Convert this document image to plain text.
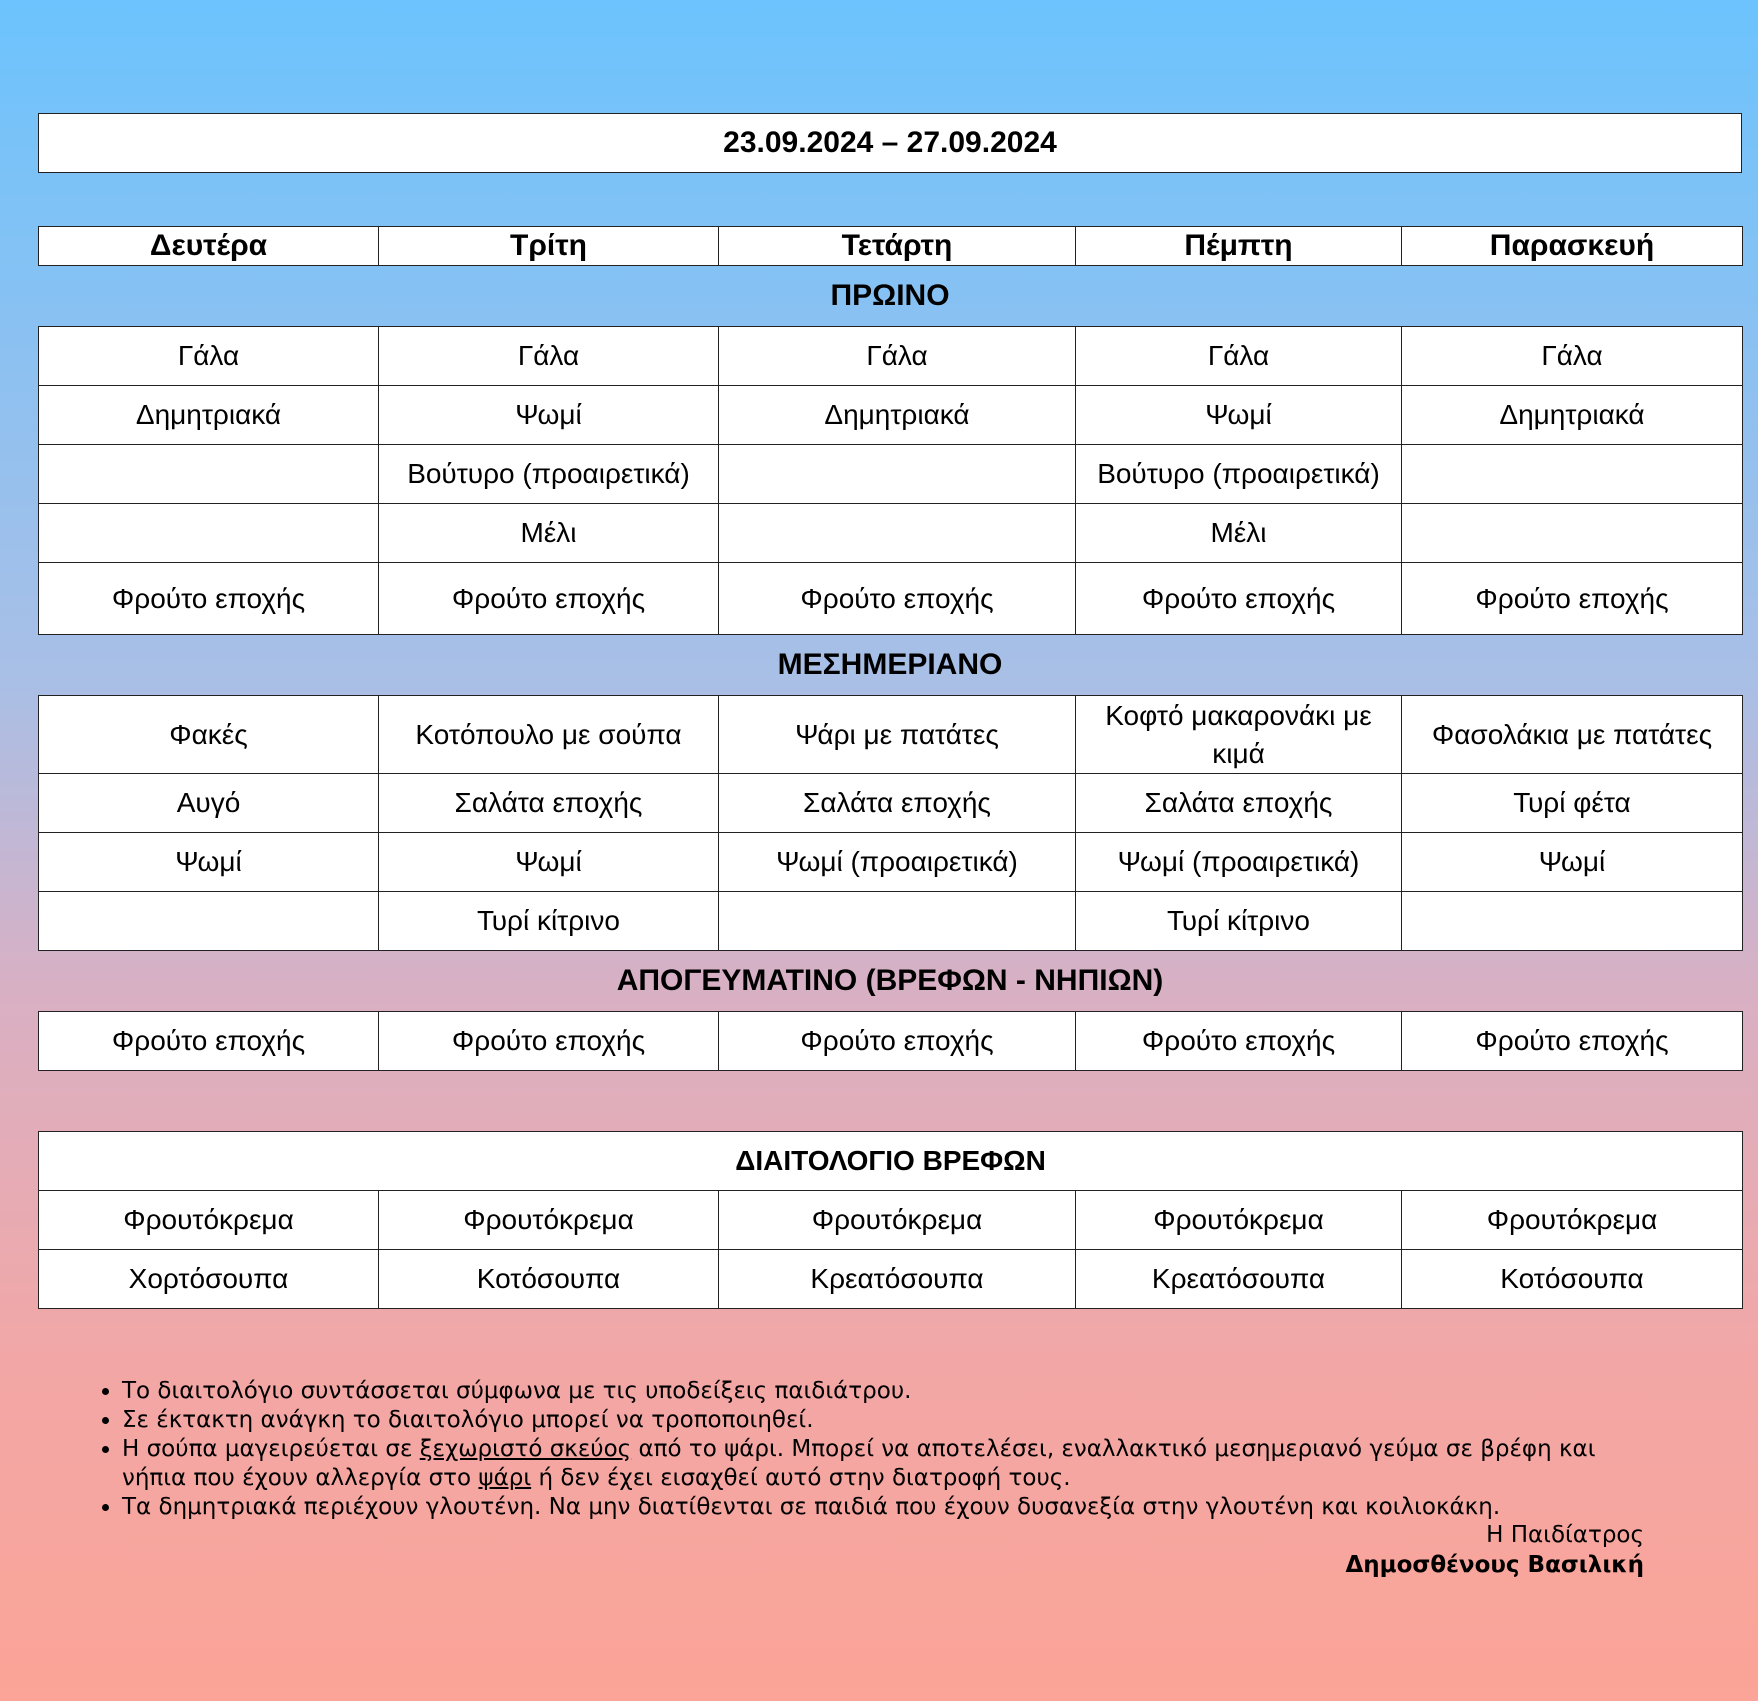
23.09.2024 – 27.09.2024
Δευτέρα	Τρίτη	Τετάρτη	Πέμπτη	Παρασκευή
ΠΡΩΙΝΟ
Γάλα	Γάλα	Γάλα	Γάλα	Γάλα
Δημητριακά	Ψωμί	Δημητριακά	Ψωμί	Δημητριακά
	Βούτυρο (προαιρετικά)		Βούτυρο (προαιρετικά)	
	Μέλι		Μέλι	
Φρούτο εποχής	Φρούτο εποχής	Φρούτο εποχής	Φρούτο εποχής	Φρούτο εποχής
ΜΕΣΗΜΕΡΙΑΝΟ
Φακές	Κοτόπουλο με σούπα	Ψάρι με πατάτες	Κοφτό μακαρονάκι με κιμά	Φασολάκια με πατάτες
Αυγό	Σαλάτα εποχής	Σαλάτα εποχής	Σαλάτα εποχής	Τυρί φέτα
Ψωμί	Ψωμί	Ψωμί (προαιρετικά)	Ψωμί (προαιρετικά)	Ψωμί
	Τυρί κίτρινο		Τυρί κίτρινο	
ΑΠΟΓΕΥΜΑΤΙΝΟ (ΒΡΕΦΩΝ - ΝΗΠΙΩΝ)
Φρούτο εποχής	Φρούτο εποχής	Φρούτο εποχής	Φρούτο εποχής	Φρούτο εποχής
ΔΙΑΙΤΟΛΟΓΙΟ ΒΡΕΦΩΝ				
Φρουτόκρεμα	Φρουτόκρεμα	Φρουτόκρεμα	Φρουτόκρεμα	Φρουτόκρεμα
Χορτόσουπα	Κοτόσουπα	Κρεατόσουπα	Κρεατόσουπα	Κοτόσουπα
• Το διαιτολόγιο συντάσσεται σύμφωνα με τις υποδείξεις παιδιάτρου.
• Σε έκτακτη ανάγκη το διαιτολόγιο μπορεί να τροποποιηθεί.
• Η σούπα μαγειρεύεται σε ξεχωριστό σκεύος από το ψάρι. Μπορεί να αποτελέσει, εναλλακτικό μεσημεριανό γεύμα σε βρέφη και νήπια που έχουν αλλεργία στο ψάρι ή δεν έχει εισαχθεί αυτό στην διατροφή τους.
• Τα δημητριακά περιέχουν γλουτένη. Να μην διατίθενται σε παιδιά που έχουν δυσανεξία στην γλουτένη και κοιλιοκάκη.
Η Παιδίατρος
Δημοσθένους Βασιλική
